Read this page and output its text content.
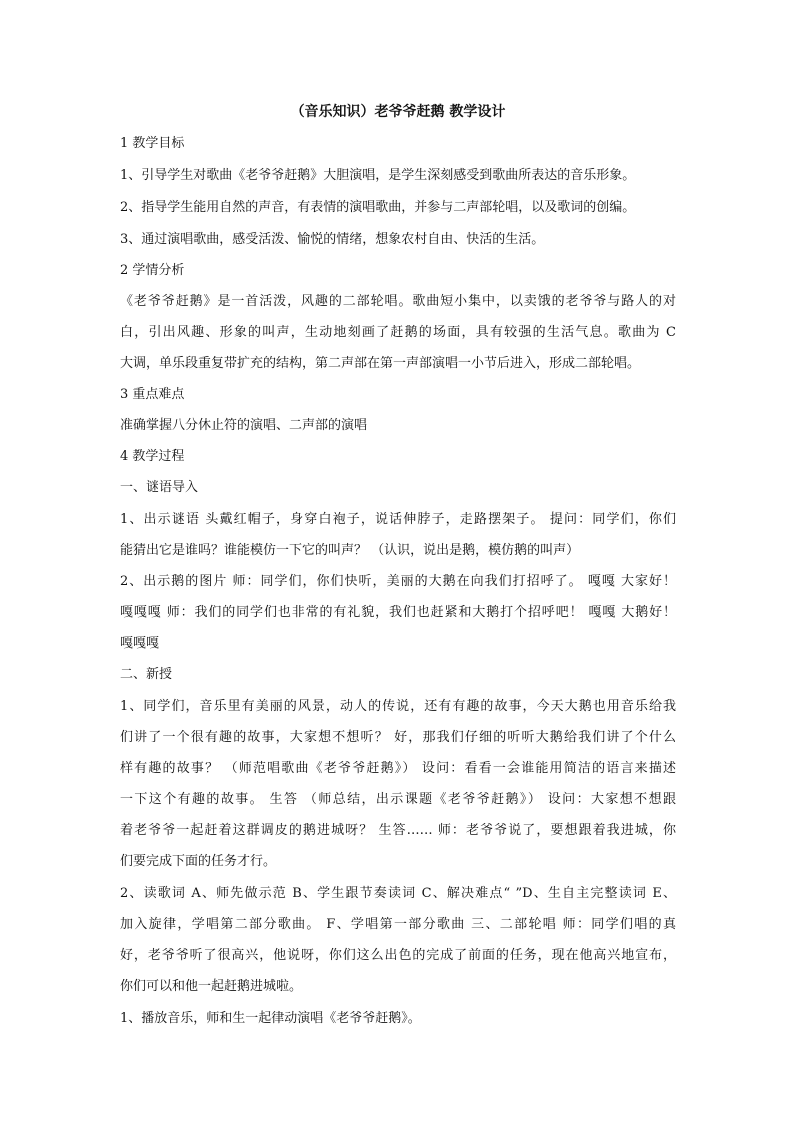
（音乐知识）老爷爷赶鹅 教学设计
1 教学目标
1、引导学生对歌曲《老爷爷赶鹅》大胆演唱，是学生深刻感受到歌曲所表达的音乐形象。
2、指导学生能用自然的声音，有表情的演唱歌曲，并参与二声部轮唱，以及歌词的创编。
3、通过演唱歌曲，感受活泼、愉悦的情绪，想象农村自由、快活的生活。
2 学情分析
《老爷爷赶鹅》是一首活泼，风趣的二部轮唱。歌曲短小集中，以卖饿的老爷爷与路人的对
白，引出风趣、形象的叫声，生动地刻画了赶鹅的场面，具有较强的生活气息。歌曲为 C
大调，单乐段重复带扩充的结构，第二声部在第一声部演唱一小节后进入，形成二部轮唱。
3 重点难点
准确掌握八分休止符的演唱、二声部的演唱
4 教学过程
一、谜语导入
1、出示谜语 头戴红帽子，身穿白袍子，说话伸脖子，走路摆架子。 提问：同学们，你们
能猜出它是谁吗？谁能模仿一下它的叫声？ （认识，说出是鹅，模仿鹅的叫声）
2、出示鹅的图片 师：同学们，你们快听，美丽的大鹅在向我们打招呼了。 嘎嘎 大家好！
嘎嘎嘎 师：我们的同学们也非常的有礼貌，我们也赶紧和大鹅打个招呼吧！ 嘎嘎 大鹅好！
嘎嘎嘎
二、新授
1、同学们，音乐里有美丽的风景，动人的传说，还有有趣的故事，今天大鹅也用音乐给我
们讲了一个很有趣的故事，大家想不想听？ 好，那我们仔细的听听大鹅给我们讲了个什么
样有趣的故事？ （师范唱歌曲《老爷爷赶鹅》） 设问：看看一会谁能用简洁的语言来描述
一下这个有趣的故事。 生答 （师总结，出示课题《老爷爷赶鹅》） 设问：大家想不想跟
着老爷爷一起赶着这群调皮的鹅进城呀？ 生答…… 师：老爷爷说了，要想跟着我进城，你
们要完成下面的任务才行。
2、读歌词 A、师先做示范 B、学生跟节奏读词 C、解决难点“ ”D、生自主完整读词 E、
加入旋律，学唱第二部分歌曲。 F、学唱第一部分歌曲 三、二部轮唱 师：同学们唱的真
好，老爷爷听了很高兴，他说呀，你们这么出色的完成了前面的任务，现在他高兴地宣布，
你们可以和他一起赶鹅进城啦。
1、播放音乐，师和生一起律动演唱《老爷爷赶鹅》。
